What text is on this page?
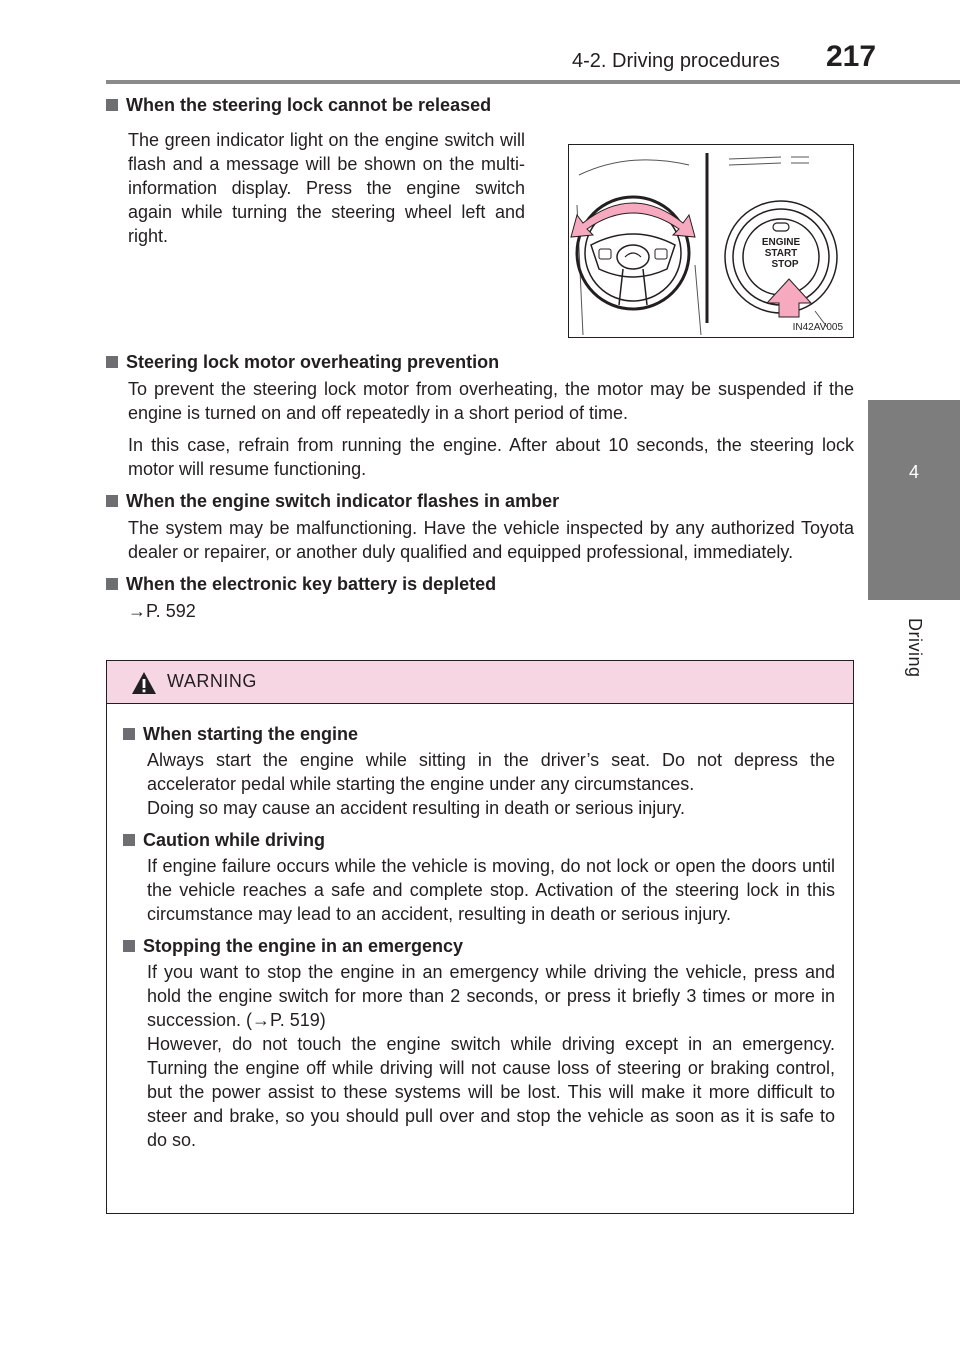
4-2. Driving procedures 217
4
Driving
When the steering lock cannot be released

The green indicator light on the engine switch will flash and a message will be shown on the multi-information display. Press the engine switch again while turning the steering wheel left and right.	ENGINE
START
STOP
IN42AV005
Steering lock motor overheating prevention

To prevent the steering lock motor from overheating, the motor may be suspended if the engine is turned on and off repeatedly in a short period of time.

In this case, refrain from running the engine. After about 10 seconds, the steering lock motor will resume functioning.

When the engine switch indicator flashes in amber

The system may be malfunctioning. Have the vehicle inspected by any authorized Toyota dealer or repairer, or another duly qualified and equipped professional, immediately.

When the electronic key battery is depleted

→P. 592

WARNING
When starting the engine

Always start the engine while sitting in the driver’s seat. Do not depress the accelerator pedal while starting the engine under any circumstances.

Doing so may cause an accident resulting in death or serious injury.

Caution while driving

If engine failure occurs while the vehicle is moving, do not lock or open the doors until the vehicle reaches a safe and complete stop. Activation of the steering lock in this circumstance may lead to an accident, resulting in death or serious injury.

Stopping the engine in an emergency

If you want to stop the engine in an emergency while driving the vehicle, press and hold the engine switch for more than 2 seconds, or press it briefly 3 times or more in succession. (→P. 519)

However, do not touch the engine switch while driving except in an emergency. Turning the engine off while driving will not cause loss of steering or braking control, but the power assist to these systems will be lost. This will make it more difficult to steer and brake, so you should pull over and stop the vehicle as soon as it is safe to do so.
